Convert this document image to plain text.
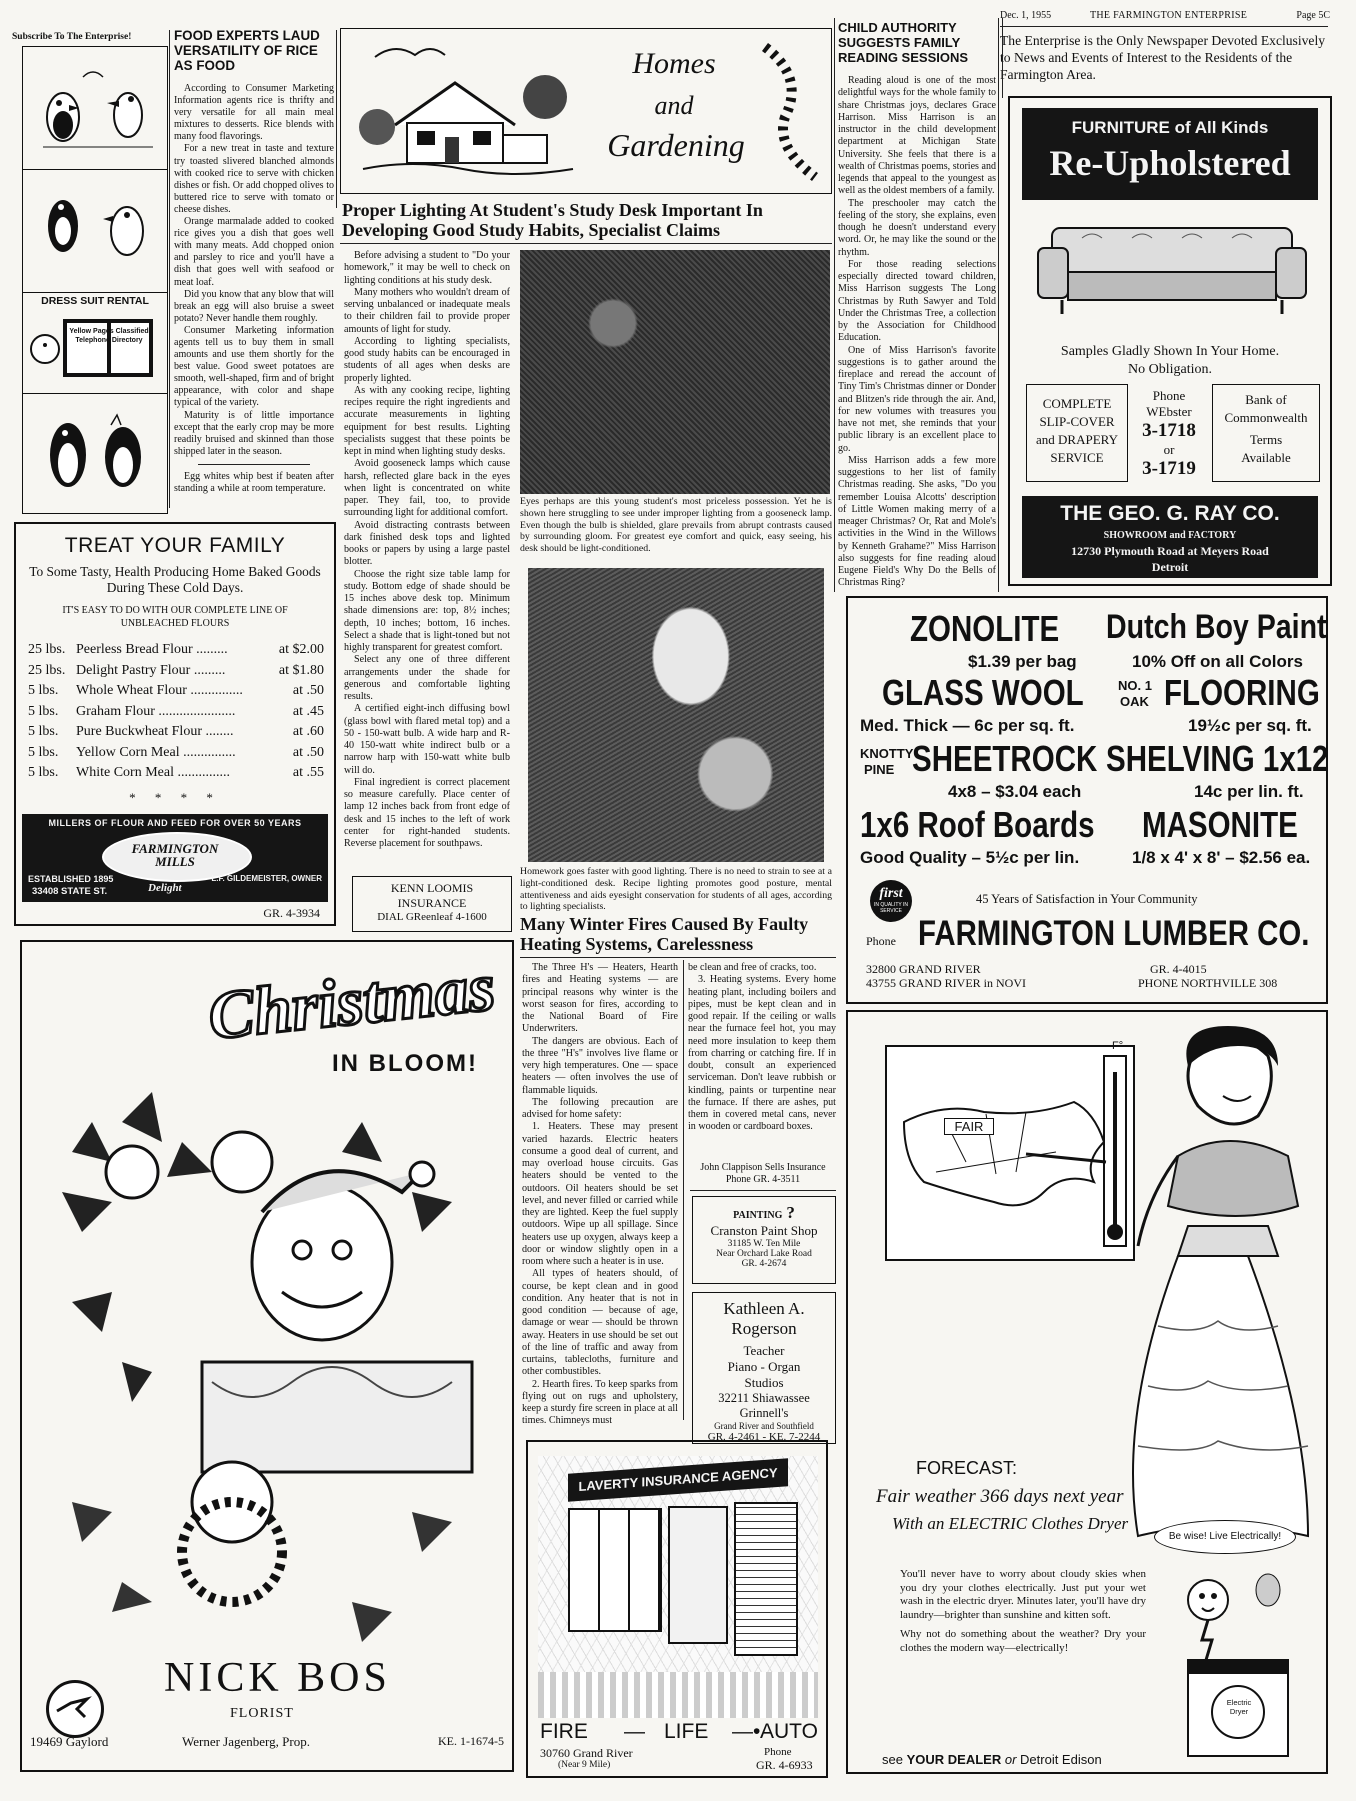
Dec. 1, 1955	THE FARMINGTON ENTERPRISE	Page 5C
The Enterprise is the Only Newspaper Devoted Exclusively to News and Events of Interest to the Residents of the Farmington Area.
Subscribe To The Enterprise!
DRESS SUIT RENTAL
Yellow Pages Classified Telephone Directory
FOOD EXPERTS LAUD VERSATILITY OF RICE AS FOOD
According to Consumer Marketing Information agents rice is thrifty and very versatile for all main meal mixtures to desserts. Rice blends with many food flavorings.
For a new treat in taste and texture try toasted slivered blanched almonds with cooked rice to serve with chicken dishes or fish. Or add chopped olives to buttered rice to serve with tomato or cheese dishes.
Orange marmalade added to cooked rice gives you a dish that goes well with many meats. Add chopped onion and parsley to rice and you'll have a dish that goes well with seafood or meat loaf.
Did you know that any blow that will break an egg will also bruise a sweet potato? Never handle them roughly.
Consumer Marketing information agents tell us to buy them in small amounts and use them shortly for the best value. Good sweet potatoes are smooth, well-shaped, firm and of bright appearance, with color and shape typical of the variety.
Maturity is of little importance except that the early crop may be more readily bruised and skinned than those shipped later in the season.
Egg whites whip best if beaten after standing a while at room temperature.
Homes
and
Gardening
Proper Lighting At Student's Study Desk Important In Developing Good Study Habits, Specialist Claims
Before advising a student to "Do your homework," it may be well to check on lighting conditions at his study desk.
Many mothers who wouldn't dream of serving unbalanced or inadequate meals to their children fail to provide proper amounts of light for study.
According to lighting specialists, good study habits can be encouraged in students of all ages when desks are properly lighted.
As with any cooking recipe, lighting recipes require the right ingredients and accurate measurements in lighting equipment for best results. Lighting specialists suggest that these points be kept in mind when lighting study desks.
Avoid gooseneck lamps which cause harsh, reflected glare back in the eyes when light is concentrated on white paper. They fail, too, to provide surrounding light for additional comfort.
Avoid distracting contrasts between dark finished desk tops and lighted books or papers by using a large pastel blotter.
Choose the right size table lamp for study. Bottom edge of shade should be 15 inches above desk top. Minimum shade dimensions are: top, 8½ inches; depth, 10 inches; bottom, 16 inches. Select a shade that is light-toned but not highly transparent for greatest comfort.
Select any one of three different arrangements under the shade for generous and comfortable lighting results.
A certified eight-inch diffusing bowl (glass bowl with flared metal top) and a 50 - 150-watt bulb. A wide harp and R-40 150-watt white indirect bulb or a narrow harp with 150-watt white bulb will do.
Final ingredient is correct placement so measure carefully. Place center of lamp 12 inches back from front edge of desk and 15 inches to the left of work center for right-handed students. Reverse placement for southpaws.
Eyes perhaps are this young student's most priceless possession. Yet he is shown here struggling to see under improper lighting from a gooseneck lamp. Even though the bulb is shielded, glare prevails from abrupt contrasts caused by surrounding gloom. For greatest eye comfort and quick, easy seeing, his desk should be light-conditioned.
Homework goes faster with good lighting. There is no need to strain to see at a light-conditioned desk. Recipe lighting promotes good posture, mental attentiveness and aids eyesight conservation for students of all ages, according to lighting specialists.
CHILD AUTHORITY SUGGESTS FAMILY READING SESSIONS
Reading aloud is one of the most delightful ways for the whole family to share Christmas joys, declares Grace Harrison. Miss Harrison is an instructor in the child development department at Michigan State University. She feels that there is a wealth of Christmas poems, stories and legends that appeal to the youngest as well as the oldest members of a family.
The preschooler may catch the feeling of the story, she explains, even though he doesn't understand every word. Or, he may like the sound or the rhythm.
For those reading selections especially directed toward children, Miss Harrison suggests The Long Christmas by Ruth Sawyer and Told Under the Christmas Tree, a collection by the Association for Childhood Education.
One of Miss Harrison's favorite suggestions is to gather around the fireplace and reread the account of Tiny Tim's Christmas dinner or Donder and Blitzen's ride through the air. And, for new volumes with treasures you have not met, she reminds that your public library is an excellent place to go.
Miss Harrison adds a few more suggestions to her list of family Christmas reading. She asks, "Do you remember Louisa Alcotts' description of Little Women making merry of a meager Christmas? Or, Rat and Mole's activities in the Wind in the Willows by Kenneth Grahame?" Miss Harrison also suggests for fine reading aloud Eugene Field's Why Do the Bells of Christmas Ring?
FURNITURE of All Kinds
Re-Upholstered
Samples Gladly Shown In Your Home.
No Obligation.
COMPLETE SLIP-COVER and DRAPERY SERVICE
Phone
WEbster
3-1718
or
3-1719
Bank of Commonwealth
Terms Available
THE GEO. G. RAY CO.
SHOWROOM and FACTORY
12730 Plymouth Road at Meyers Road
Detroit
TREAT YOUR FAMILY
To Some Tasty, Health Producing Home Baked Goods During These Cold Days.
IT'S EASY TO DO WITH OUR COMPLETE LINE OF UNBLEACHED FLOURS
25 lbs. Peerless Bread Flour .........	at $2.00
25 lbs. Delight Pastry Flour .........	at $1.80
5 lbs.	Whole Wheat Flour ...............	at .50
5 lbs.	Graham Flour ......................	at .45
5 lbs.	Pure Buckwheat Flour ........	at .60
5 lbs.	Yellow Corn Meal ...............	at .50
5 lbs.	White Corn Meal ...............	at .55
* * * *
MILLERS OF FLOUR AND FEED FOR OVER 50 YEARS
FARMINGTON MILLS
ESTABLISHED 1895
Delight
L.F. GILDEMEISTER, OWNER
33408 STATE ST.
GR. 4-3934
KENN LOOMIS
INSURANCE
DIAL GReenleaf 4-1600
ZONOLITE
$1.39 per bag
Dutch Boy Paint
10% Off on all Colors
GLASS WOOL
Med. Thick — 6c per sq. ft.
NO. 1
OAK FLOORING
19½c per sq. ft.
KNOTTY
PINE SHEETROCK
4x8 – $3.04 each
SHELVING 1x12
14c per lin. ft.
1x6 Roof Boards
Good Quality – 5½c per lin.
MASONITE
1/8 x 4' x 8' – $2.56 ea.
first
IN QUALITY IN SERVICE
45 Years of Satisfaction in Your Community
Phone FARMINGTON LUMBER CO.
32800 GRAND RIVER	GR. 4-4015
43755 GRAND RIVER in NOVI	PHONE NORTHVILLE 308
Many Winter Fires Caused By Faulty Heating Systems, Carelessness
The Three H's — Heaters, Hearth fires and Heating systems — are principal reasons why winter is the worst season for fires, according to the National Board of Fire Underwriters.
The dangers are obvious. Each of the three "H's" involves live flame or very high temperatures. One — space heaters — often involves the use of flammable liquids.
The following precaution are advised for home safety:
1. Heaters. These may present varied hazards. Electric heaters consume a good deal of current, and may overload house circuits. Gas heaters should be vented to the outdoors. Oil heaters should be set level, and never filled or carried while they are lighted. Keep the fuel supply outdoors. Wipe up all spillage. Since heaters use up oxygen, always keep a door or window slightly open in a room where such a heater is in use.
All types of heaters should, of course, be kept clean and in good condition. Any heater that is not in good condition — because of age, damage or wear — should be thrown away. Heaters in use should be set out of the line of traffic and away from curtains, tablecloths, furniture and other combustibles.
2. Hearth fires. To keep sparks from flying out on rugs and upholstery, keep a sturdy fire screen in place at all times. Chimneys must
be clean and free of cracks, too.
3. Heating systems. Every home heating plant, including boilers and pipes, must be kept clean and in good repair. If the ceiling or walls near the furnace feel hot, you may need more insulation to keep them from charring or catching fire. If in doubt, consult an experienced serviceman. Don't leave rubbish or kindling, paints or turpentine near the furnace. If there are ashes, put them in covered metal cans, never in wooden or cardboard boxes.
John Clappison Sells Insurance
Phone GR. 4-3511
PAINTING ?
Cranston Paint Shop
31185 W. Ten Mile
Near Orchard Lake Road
GR. 4-2674
Kathleen A.
Rogerson
Teacher
Piano - Organ
Studios
32211 Shiawassee
Grinnell's
Grand River and Southfield
GR. 4-2461 - KE. 7-2244
Christmas
IN BLOOM!
NICK BOS
FLORIST
19469 Gaylord	Werner Jagenberg, Prop.	KE. 1-1674-5
LAVERTY INSURANCE AGENCY
FIRE — LIFE —• AUTO
30760 Grand River
(Near 9 Mile)
Phone
GR. 4-6933
FAIR
F°
FORECAST:
Fair weather 366 days next year
With an ELECTRIC Clothes Dryer
Be wise! Live Electrically!
You'll never have to worry about cloudy skies when you dry your clothes electrically. Just put your wet wash in the electric dryer. Minutes later, you'll have dry laundry—brighter than sunshine and kitten soft.
Why not do something about the weather? Dry your clothes the modern way—electrically!
Electric Dryer
see YOUR DEALER or Detroit Edison
